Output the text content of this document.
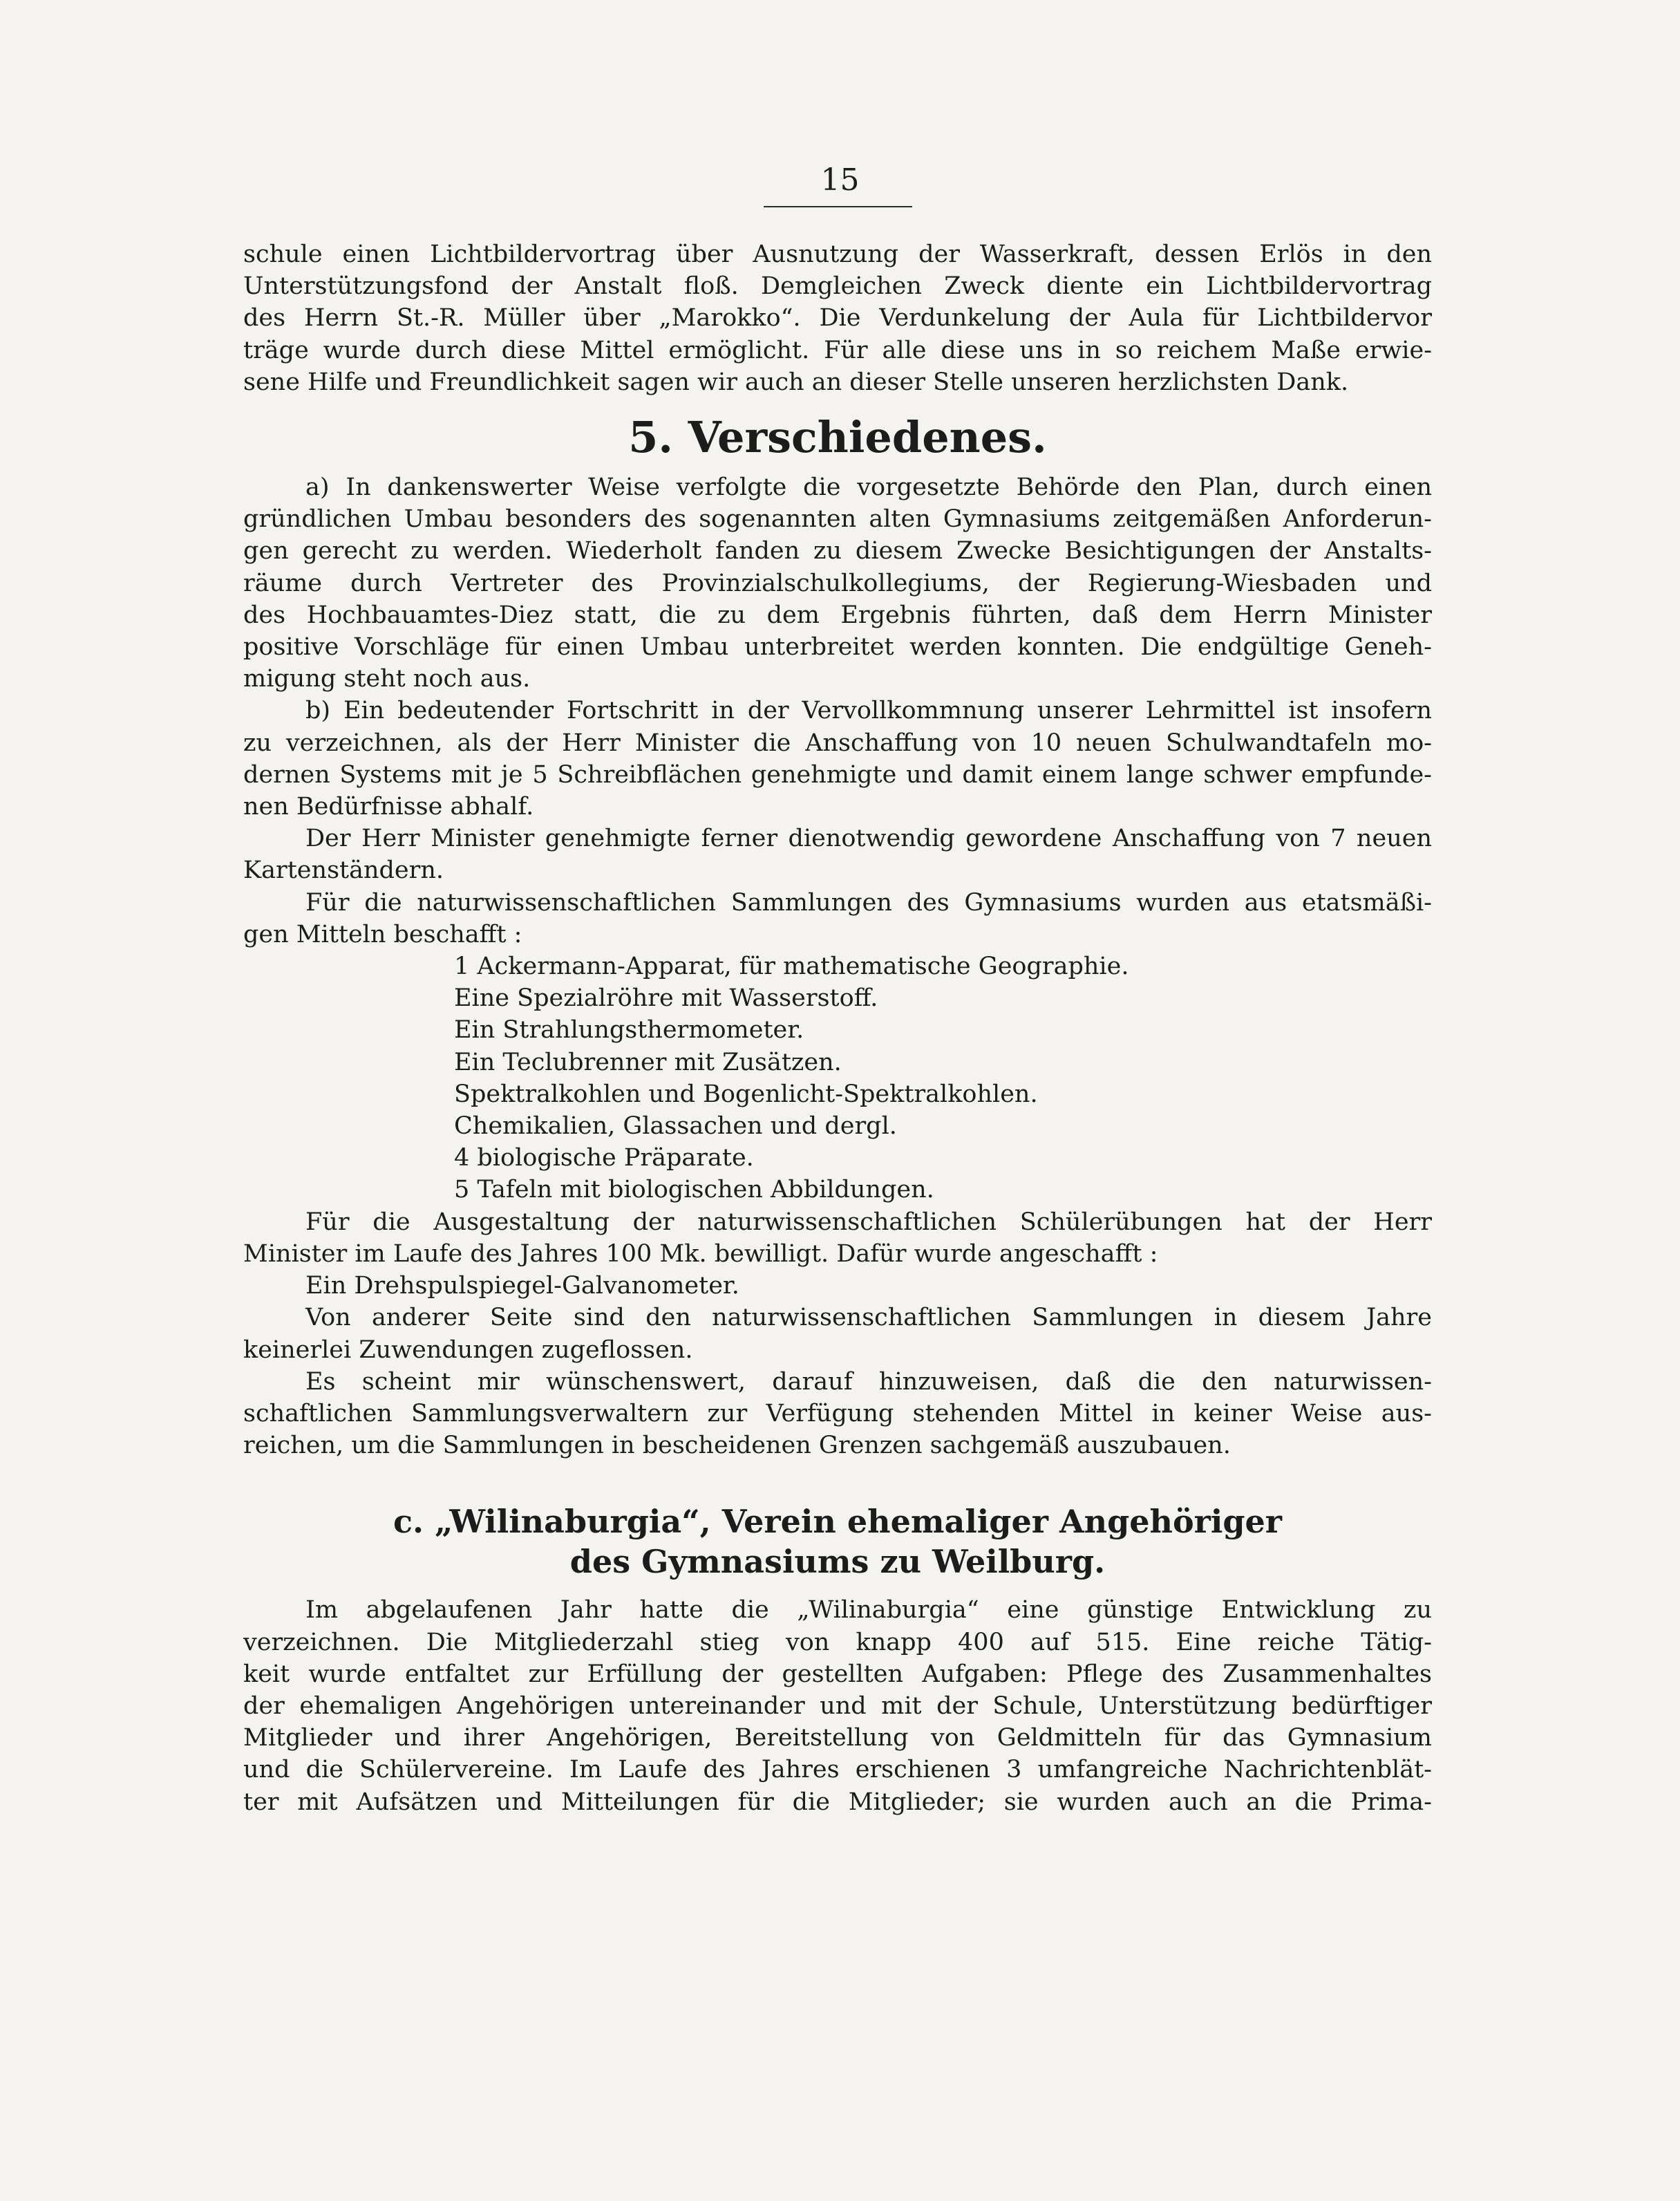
15
schule einen Lichtbildervortrag über Ausnutzung der Wasserkraft, dessen Erlös in den
Unterstützungsfond der Anstalt floß. Demgleichen Zweck diente ein Lichtbildervortrag
des Herrn St.-R. Müller über „Marokko“. Die Verdunkelung der Aula für Lichtbildervor
träge wurde durch diese Mittel ermöglicht. Für alle diese uns in so reichem Maße erwie-
sene Hilfe und Freundlichkeit sagen wir auch an dieser Stelle unseren herzlichsten Dank.
5. Verschiedenes.
a) In dankenswerter Weise verfolgte die vorgesetzte Behörde den Plan, durch einen
gründlichen Umbau besonders des sogenannten alten Gymnasiums zeitgemäßen Anforderun-
gen gerecht zu werden. Wiederholt fanden zu diesem Zwecke Besichtigungen der Anstalts-
räume durch Vertreter des Provinzialschulkollegiums, der Regierung-Wiesbaden und
des Hochbauamtes-Diez statt, die zu dem Ergebnis führten, daß dem Herrn Minister
positive Vorschläge für einen Umbau unterbreitet werden konnten. Die endgültige Geneh-
migung steht noch aus.
b) Ein bedeutender Fortschritt in der Vervollkommnung unserer Lehrmittel ist insofern
zu verzeichnen, als der Herr Minister die Anschaffung von 10 neuen Schulwandtafeln mo-
dernen Systems mit je 5 Schreibflächen genehmigte und damit einem lange schwer empfunde-
nen Bedürfnisse abhalf.
Der Herr Minister genehmigte ferner dienotwendig gewordene Anschaffung von 7 neuen
Kartenständern.
Für die naturwissenschaftlichen Sammlungen des Gymnasiums wurden aus etatsmäßi-
gen Mitteln beschafft :
1 Ackermann-Apparat, für mathematische Geographie.
Eine Spezialröhre mit Wasserstoff.
Ein Strahlungsthermometer.
Ein Teclubrenner mit Zusätzen.
Spektralkohlen und Bogenlicht-Spektralkohlen.
Chemikalien, Glassachen und dergl.
4 biologische Präparate.
5 Tafeln mit biologischen Abbildungen.
Für die Ausgestaltung der naturwissenschaftlichen Schülerübungen hat der Herr
Minister im Laufe des Jahres 100 Mk. bewilligt. Dafür wurde angeschafft :
Ein Drehspulspiegel-Galvanometer.
Von anderer Seite sind den naturwissenschaftlichen Sammlungen in diesem Jahre
keinerlei Zuwendungen zugeflossen.
Es scheint mir wünschenswert, darauf hinzuweisen, daß die den naturwissen-
schaftlichen Sammlungsverwaltern zur Verfügung stehenden Mittel in keiner Weise aus-
reichen, um die Sammlungen in bescheidenen Grenzen sachgemäß auszubauen.
c. „Wilinaburgia“, Verein ehemaliger Angehöriger
des Gymnasiums zu Weilburg.
Im abgelaufenen Jahr hatte die „Wilinaburgia“ eine günstige Entwicklung zu
verzeichnen. Die Mitgliederzahl stieg von knapp 400 auf 515. Eine reiche Tätig-
keit wurde entfaltet zur Erfüllung der gestellten Aufgaben: Pflege des Zusammenhaltes
der ehemaligen Angehörigen untereinander und mit der Schule, Unterstützung bedürftiger
Mitglieder und ihrer Angehörigen, Bereitstellung von Geldmitteln für das Gymnasium
und die Schülervereine. Im Laufe des Jahres erschienen 3 umfangreiche Nachrichtenblät-
ter mit Aufsätzen und Mitteilungen für die Mitglieder; sie wurden auch an die Prima-
